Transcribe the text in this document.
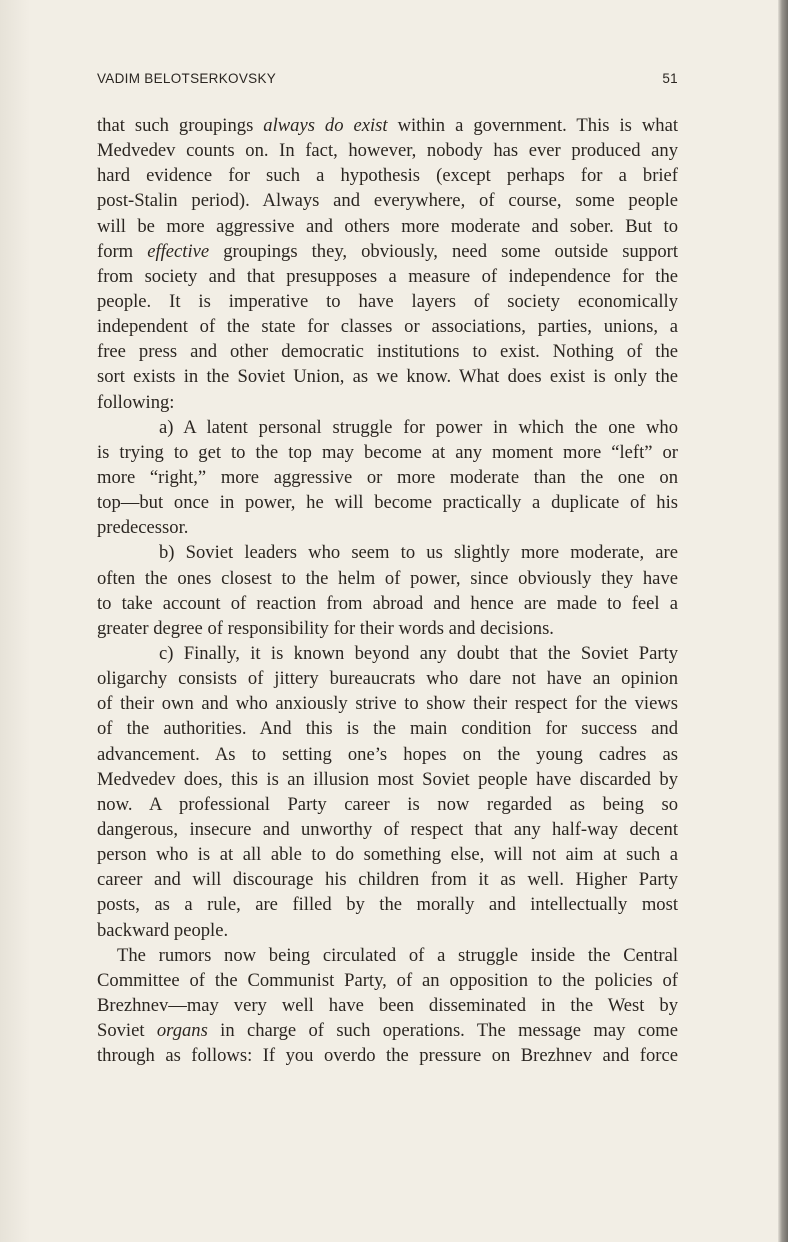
VADIM BELOTSERKOVSKY	51
that such groupings always do exist within a government. This is what
Medvedev counts on. In fact, however, nobody has ever produced any
hard evidence for such a hypothesis (except perhaps for a brief
post-Stalin period). Always and everywhere, of course, some people
will be more aggressive and others more moderate and sober. But to
form effective groupings they, obviously, need some outside support
from society and that presupposes a measure of independence for the
people. It is imperative to have layers of society economically
independent of the state for classes or associations, parties, unions, a
free press and other democratic institutions to exist. Nothing of the
sort exists in the Soviet Union, as we know. What does exist is only the
following:
a) A latent personal struggle for power in which the one who
is trying to get to the top may become at any moment more “left” or
more “right,” more aggressive or more moderate than the one on
top—but once in power, he will become practically a duplicate of his
predecessor.
b) Soviet leaders who seem to us slightly more moderate, are
often the ones closest to the helm of power, since obviously they have
to take account of reaction from abroad and hence are made to feel a
greater degree of responsibility for their words and decisions.
c) Finally, it is known beyond any doubt that the Soviet Party
oligarchy consists of jittery bureaucrats who dare not have an opinion
of their own and who anxiously strive to show their respect for the views
of the authorities. And this is the main condition for success and
advancement. As to setting one’s hopes on the young cadres as
Medvedev does, this is an illusion most Soviet people have discarded by
now. A professional Party career is now regarded as being so
dangerous, insecure and unworthy of respect that any half-way decent
person who is at all able to do something else, will not aim at such a
career and will discourage his children from it as well. Higher Party
posts, as a rule, are filled by the morally and intellectually most
backward people.
The rumors now being circulated of a struggle inside the Central
Committee of the Communist Party, of an opposition to the policies of
Brezhnev—may very well have been disseminated in the West by
Soviet organs in charge of such operations. The message may come
through as follows: If you overdo the pressure on Brezhnev and force
